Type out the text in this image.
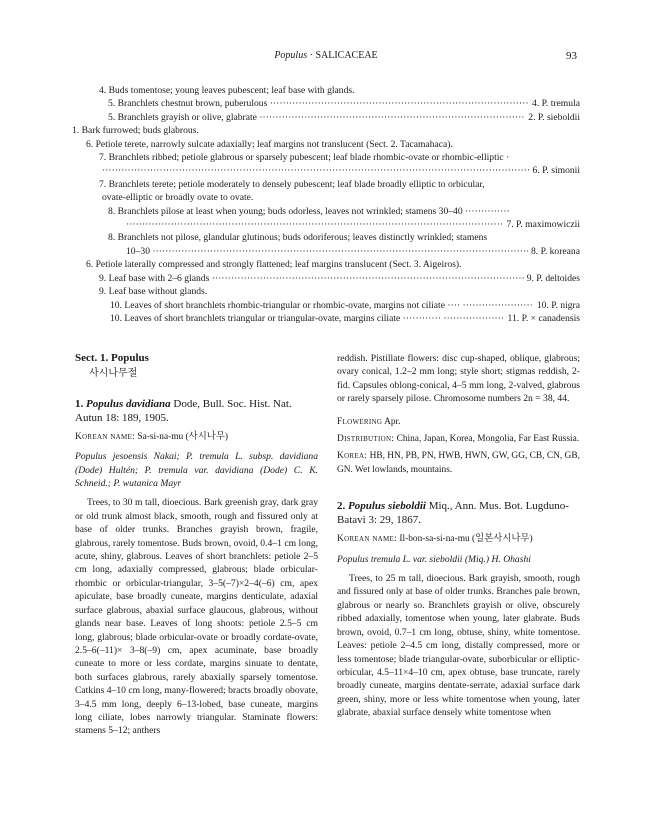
Populus · SALICACEAE	93
4. Buds tomentose; young leaves pubescent; leaf base with glands.
5. Branchlets chestnut brown, puberulous ·····	4. P. tremula
5. Branchlets grayish or olive, glabrate ·····	2. P. sieboldii
1. Bark furrowed; buds glabrous.
6. Petiole terete, narrowly sulcate adaxially; leaf margins not translucent (Sect. 2. Tacamahaca).
7. Branchlets ribbed; petiole glabrous or sparsely pubescent; leaf blade rhombic-ovate or rhombic-elliptic ·
·····
6. P. simonii
7. Branchlets terete; petiole moderately to densely pubescent; leaf blade broadly elliptic to orbicular,
ovate-elliptic or broadly ovate to ovate.
8. Branchlets pilose at least when young; buds odorless, leaves not wrinkled; stamens 30–40 ··············
·····
7. P. maximowiczii
8. Branchlets not pilose, glandular glutinous; buds odoriferous; leaves distinctly wrinkled; stamens
10–30 ·····	8. P. koreana
6. Petiole laterally compressed and strongly flattened; leaf margins translucent (Sect. 3. Aigeiros).
9. Leaf base with 2–6 glands ·····	9. P. deltoides
9. Leaf base without glands.
10. Leaves of short branchlets rhombic-triangular or rhombic-ovate, margins not ciliate ···· ·····	10. P. nigra
10. Leaves of short branchlets triangular or triangular-ovate, margins ciliate ············ ·····	11. P. × canadensis

Sect. 1. Populus

사시나무절

1. Populus davidiana Dode, Bull. Soc. Hist. Nat. Autun 18: 189, 1905.

Korean name: Sa-si-na-mu (사시나무)

Populus jesoensis Nakai; P. tremula L. subsp. davidiana (Dode) Hultén; P. tremula var. davidiana (Dode) C. K. Schneid.; P. wutanica Mayr

Trees, to 30 m tall, dioecious. Bark greenish gray, dark gray or old trunk almost black, smooth, rough and fissured only at base of older trunks. Branches grayish brown, fragile, glabrous, rarely tomentose. Buds brown, ovoid, 0.4–1 cm long, acute, shiny, glabrous. Leaves of short branchlets: petiole 2–5 cm long, adaxially compressed, glabrous; blade orbicular-rhombic or orbicular-triangular, 3–5(–7)×2–4(–6) cm, apex apiculate, base broadly cuneate, margins denticulate, adaxial surface glabrous, abaxial surface glaucous, glabrous, without glands near base. Leaves of long shoots: petiole 2.5–5 cm long, glabrous; blade orbicular-ovate or broadly cordate-ovate, 2.5–6(–11)× 3–8(–9) cm, apex acuminate, base broadly cuneate to more or less cordate, margins sinuate to dentate, both surfaces glabrous, rarely abaxially sparsely tomentose. Catkins 4–10 cm long, many-flowered; bracts broadly obovate, 3–4.5 mm long, deeply 6–13-lobed, base cuneate, margins long ciliate, lobes narrowly triangular. Staminate flowers: stamens 5–12; anthers

reddish. Pistillate flowers: disc cup-shaped, oblique, glabrous; ovary conical, 1.2–2 mm long; style short; stigmas reddish, 2-fid. Capsules oblong-conical, 4–5 mm long, 2-valved, glabrous or rarely sparsely pilose. Chromosome numbers 2n = 38, 44.

Flowering Apr.

Distribution: China, Japan, Korea, Mongolia, Far East Russia.

Korea: HB, HN, PB, PN, HWB, HWN, GW, GG, CB, CN, GB, GN. Wet lowlands, mountains.

2. Populus sieboldii Miq., Ann. Mus. Bot. Lugduno-Batavi 3: 29, 1867.

Korean name: Il-bon-sa-si-na-mu (일본사시나무)

Populus tremula L. var. sieboldii (Miq.) H. Ohashi

Trees, to 25 m tall, dioecious. Bark grayish, smooth, rough and fissured only at base of older trunks. Branches pale brown, glabrous or nearly so. Branchlets grayish or olive, obscurely ribbed adaxially, tomentose when young, later glabrate. Buds brown, ovoid, 0.7–1 cm long, obtuse, shiny, white tomentose. Leaves: petiole 2–4.5 cm long, distally compressed, more or less tomentose; blade triangular-ovate, suborbicular or elliptic-orbicular, 4.5–11×4–10 cm, apex obtuse, base truncate, rarely broadly cuneate, margins dentate-serrate, adaxial surface dark green, shiny, more or less white tomentose when young, later glabrate, abaxial surface densely white tomentose when
